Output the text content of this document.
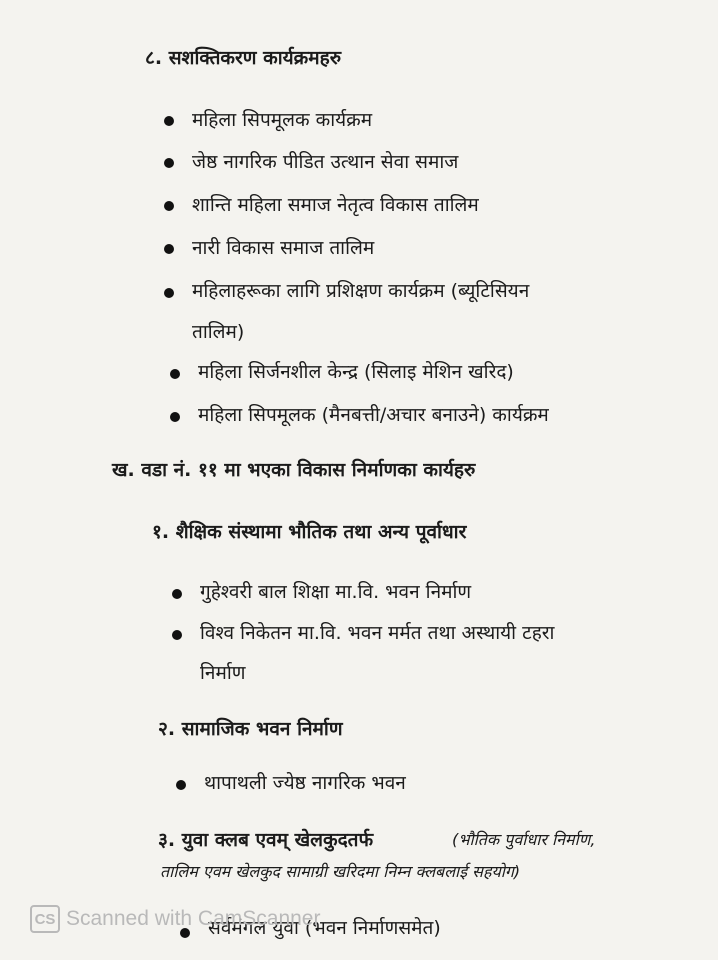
८. सशक्तिकरण कार्यक्रमहरु
महिला सिपमूलक कार्यक्रम
जेष्ठ नागरिक पीडित उत्थान सेवा समाज
शान्ति महिला समाज नेतृत्व विकास तालिम
नारी विकास समाज तालिम
महिलाहरूका लागि प्रशिक्षण कार्यक्रम (ब्यूटिसियन
तालिम)
महिला सिर्जनशील केन्द्र (सिलाइ मेशिन खरिद)
महिला सिपमूलक (मैनबत्ती/अचार बनाउने) कार्यक्रम
ख. वडा नं. ११ मा भएका विकास निर्माणका कार्यहरु
१. शैक्षिक संस्थामा भौतिक तथा अन्य पूर्वाधार
गुहेश्वरी बाल शिक्षा मा.वि. भवन निर्माण
विश्व निकेतन मा.वि. भवन मर्मत तथा अस्थायी टहरा
निर्माण
२. सामाजिक भवन निर्माण
थापाथली ज्येष्ठ नागरिक भवन
३. युवा क्लब एवम् खेलकुदतर्फ	(भौतिक पुर्वाधार निर्माण,
तालिम एवम खेलकुद सामाग्री खरिदमा निम्न क्लबलाई सहयोग)
सर्वमंगल युवा (भवन निर्माणसमेत)
CS Scanned with CamScanner
